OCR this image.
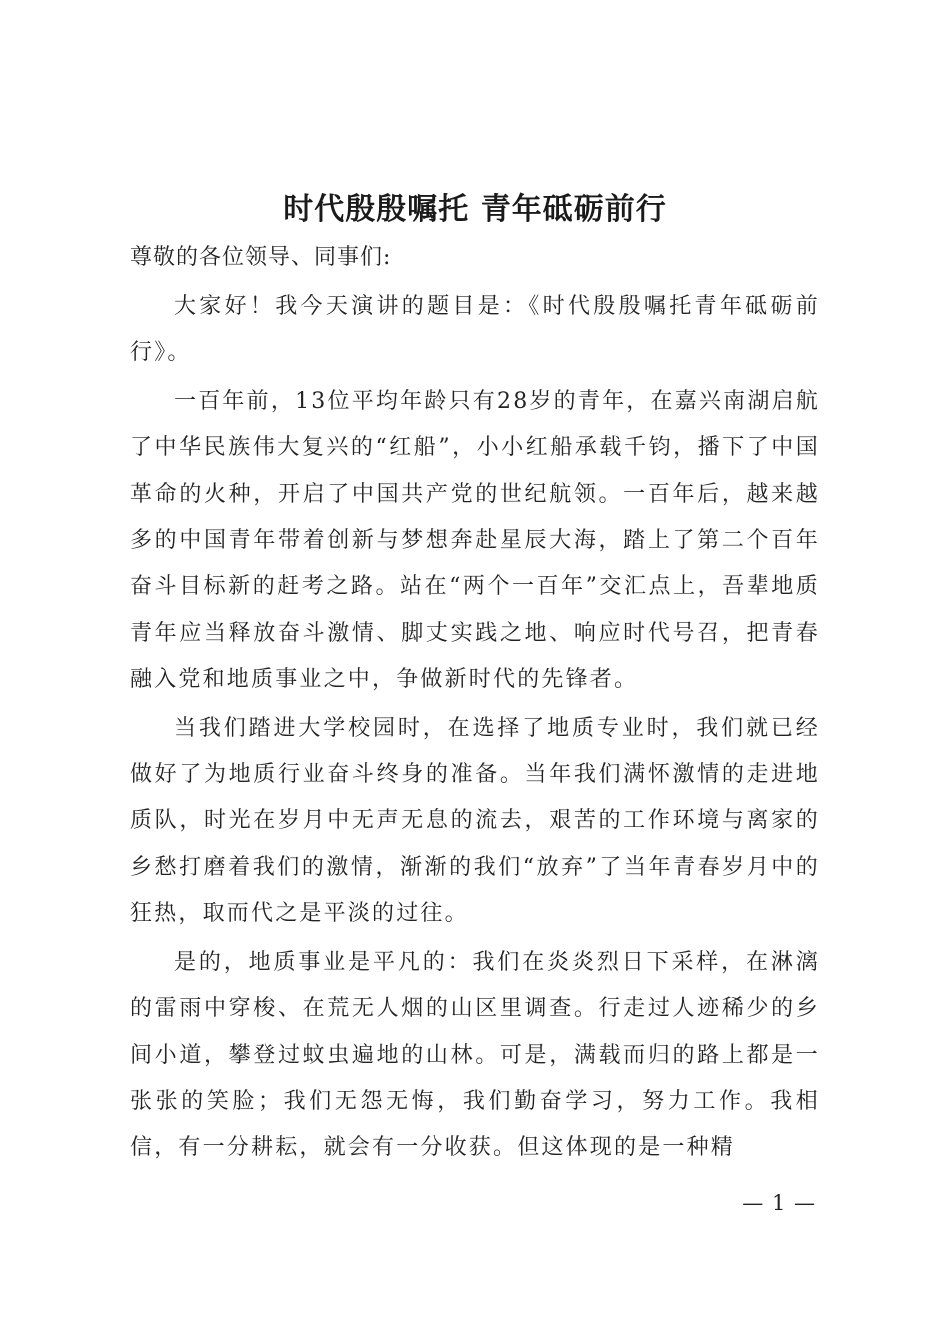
时代殷殷嘱托 青年砥砺前行
尊敬的各位领导、同事们:

大家好！我今天演讲的题目是：《时代殷殷嘱托青年砥砺前行》。

一百年前，13位平均年龄只有28岁的青年，在嘉兴南湖启航了中华民族伟大复兴的“红船”，小小红船承载千钧，播下了中国革命的火种，开启了中国共产党的世纪航领。一百年后，越来越多的中国青年带着创新与梦想奔赴星辰大海，踏上了第二个百年奋斗目标新的赶考之路。站在“两个一百年”交汇点上，吾辈地质青年应当释放奋斗激情、脚丈实践之地、响应时代号召，把青春融入党和地质事业之中，争做新时代的先锋者。

当我们踏进大学校园时，在选择了地质专业时，我们就已经做好了为地质行业奋斗终身的准备。当年我们满怀激情的走进地质队，时光在岁月中无声无息的流去，艰苦的工作环境与离家的乡愁打磨着我们的激情，渐渐的我们“放弃”了当年青春岁月中的狂热，取而代之是平淡的过往。

是的，地质事业是平凡的：我们在炎炎烈日下采样，在淋漓的雷雨中穿梭、在荒无人烟的山区里调查。行走过人迹稀少的乡间小道，攀登过蚊虫遍地的山林。可是，满载而归的路上都是一张张的笑脸；我们无怨无悔，我们勤奋学习，努力工作。我相信，有一分耕耘，就会有一分收获。但这体现的是一种精

— 1 —
